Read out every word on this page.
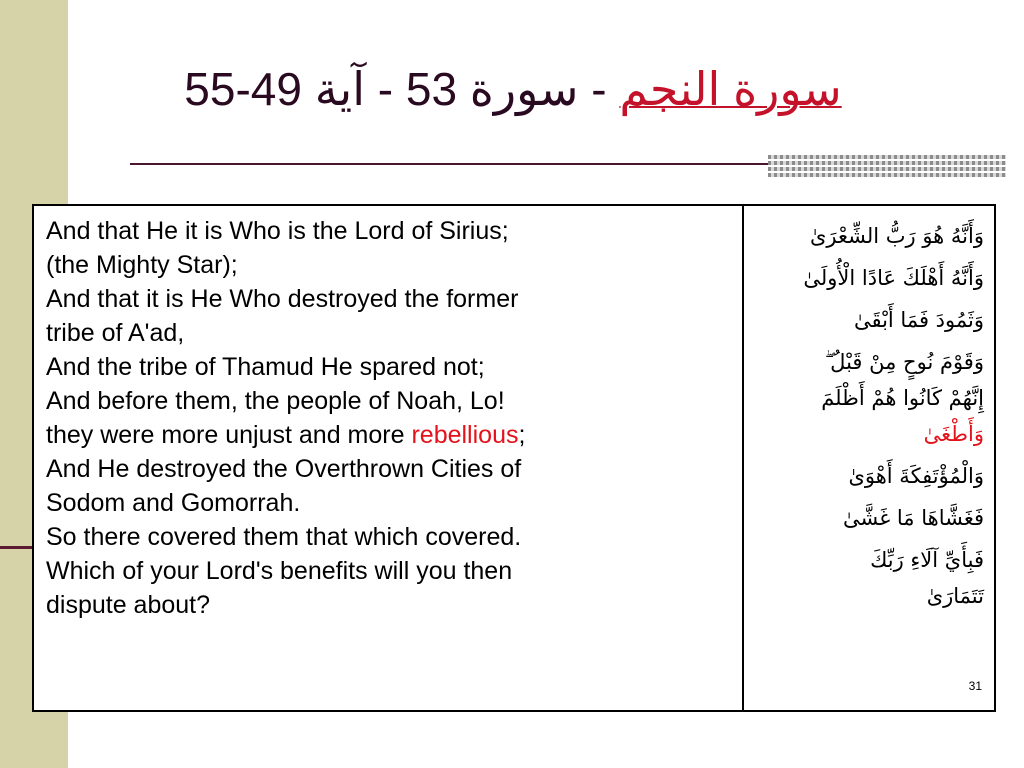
- سورة 53 - آية 49-55 سورة النجم
And that He it is Who is the Lord of Sirius;
(the Mighty Star);
And that it is He Who destroyed the former
tribe of A'ad,
And the tribe of Thamud He spared not;
And before them, the people of Noah, Lo!
they were more unjust and more rebellious;
And He destroyed the Overthrown Cities of
Sodom and Gomorrah.
So there covered them that which covered.
Which of your Lord's benefits will you then
dispute about?
وَأَنَّهُ هُوَ رَبُّ الشِّعْرَىٰ
وَأَنَّهُ أَهْلَكَ عَادًا الْأُولَىٰ
وَثَمُودَ فَمَا أَبْقَىٰ
وَقَوْمَ نُوحٍ مِنْ قَبْلُ ۖ
إِنَّهُمْ كَانُوا هُمْ أَظْلَمَ
وَأَطْغَىٰ
وَالْمُؤْتَفِكَةَ أَهْوَىٰ
فَغَشَّاهَا مَا غَشَّىٰ
فَبِأَيِّ آلَاءِ رَبِّكَ
تَتَمَارَىٰ
31
